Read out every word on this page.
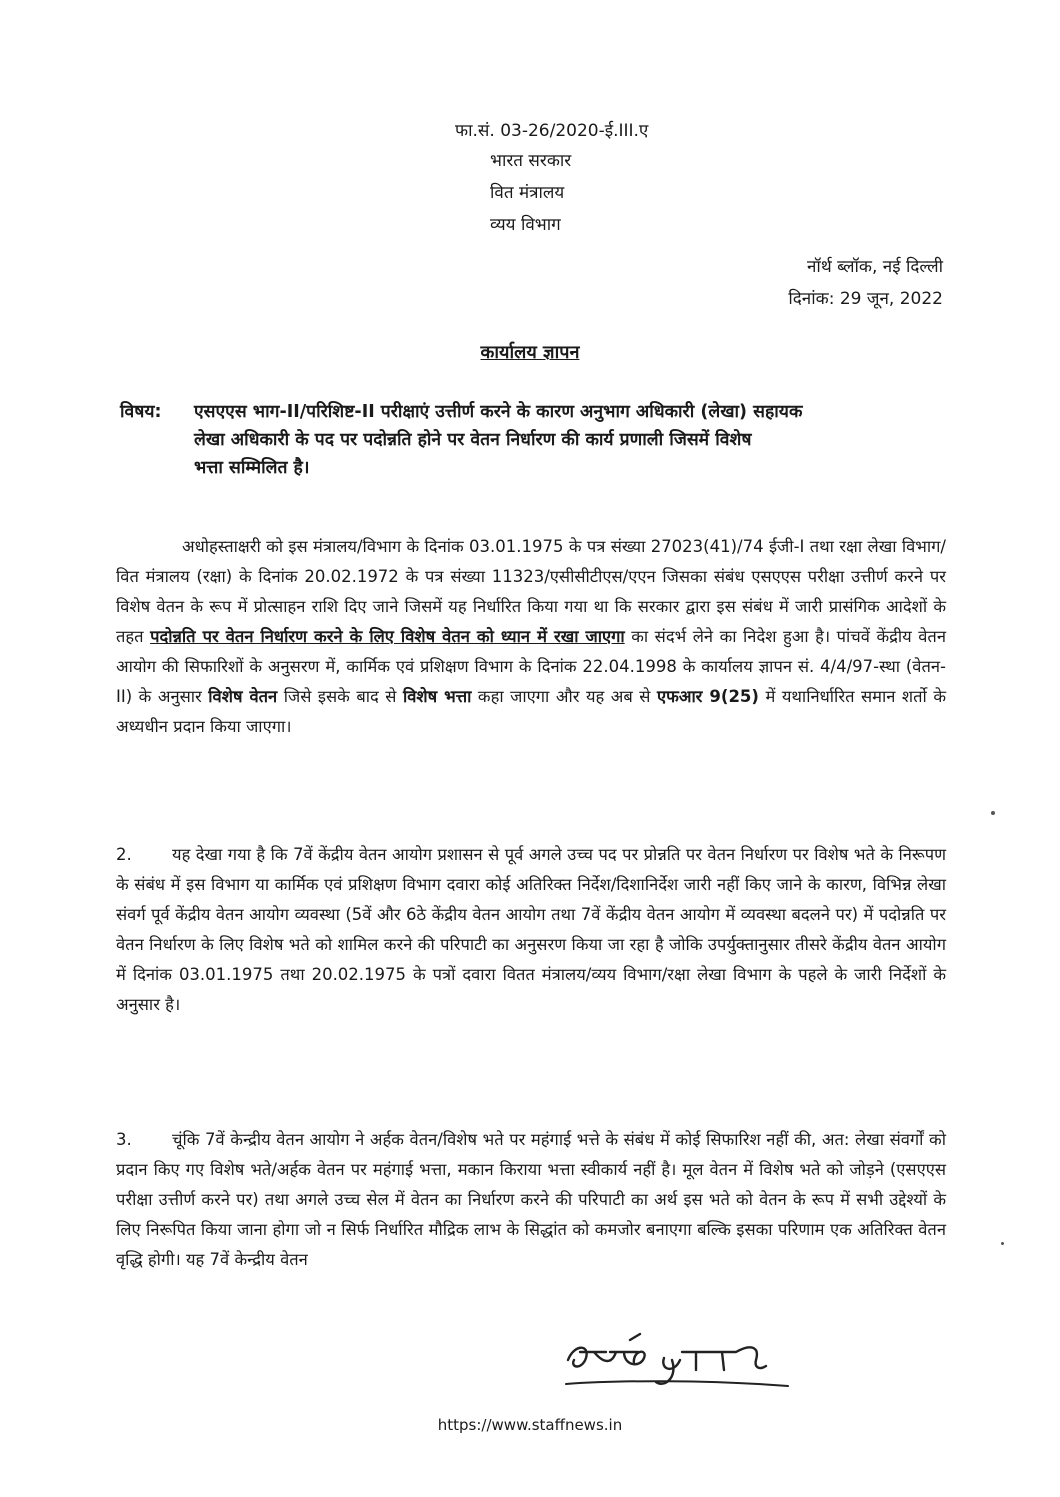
फा.सं. 03-26/2020-ई.III.ए
भारत सरकार
वित मंत्रालय
व्यय विभाग
नॉर्थ ब्लॉक, नई दिल्ली
दिनांक: 29 जून, 2022
कार्यालय ज्ञापन

विषय: एसएएस भाग-II/परिशिष्ट-II परीक्षाएं उत्तीर्ण करने के कारण अनुभाग अधिकारी (लेखा) सहायक
लेखा अधिकारी के पद पर पदोन्नति होने पर वेतन निर्धारण की कार्य प्रणाली जिसमें विशेष
भत्ता सम्मिलित है।

अधोहस्ताक्षरी को इस मंत्रालय/विभाग के दिनांक 03.01.1975 के पत्र संख्या 27023(41)/74 ईजी-I तथा रक्षा लेखा विभाग/वित मंत्रालय (रक्षा) के दिनांक 20.02.1972 के पत्र संख्या 11323/एसीसीटीएस/एएन जिसका संबंध एसएएस परीक्षा उत्तीर्ण करने पर विशेष वेतन के रूप में प्रोत्साहन राशि दिए जाने जिसमें यह निर्धारित किया गया था कि सरकार द्वारा इस संबंध में जारी प्रासंगिक आदेशों के तहत पदोन्नति पर वेतन निर्धारण करने के लिए विशेष वेतन को ध्यान में रखा जाएगा का संदर्भ लेने का निदेश हुआ है। पांचवें केंद्रीय वेतन आयोग की सिफारिशों के अनुसरण में, कार्मिक एवं प्रशिक्षण विभाग के दिनांक 22.04.1998 के कार्यालय ज्ञापन सं. 4/4/97-स्था (वेतन-II) के अनुसार विशेष वेतन जिसे इसके बाद से विशेष भत्ता कहा जाएगा और यह अब से एफआर 9(25) में यथानिर्धारित समान शर्तो के अध्यधीन प्रदान किया जाएगा।

2. यह देखा गया है कि 7वें केंद्रीय वेतन आयोग प्रशासन से पूर्व अगले उच्च पद पर प्रोन्नति पर वेतन निर्धारण पर विशेष भते के निरूपण के संबंध में इस विभाग या कार्मिक एवं प्रशिक्षण विभाग दवारा कोई अतिरिक्त निर्देश/दिशानिर्देश जारी नहीं किए जाने के कारण, विभिन्न लेखा संवर्ग पूर्व केंद्रीय वेतन आयोग व्यवस्था (5वें और 6ठे केंद्रीय वेतन आयोग तथा 7वें केंद्रीय वेतन आयोग में व्यवस्था बदलने पर) में पदोन्नति पर वेतन निर्धारण के लिए विशेष भते को शामिल करने की परिपाटी का अनुसरण किया जा रहा है जोकि उपर्युक्तानुसार तीसरे केंद्रीय वेतन आयोग में दिनांक 03.01.1975 तथा 20.02.1975 के पत्रों दवारा वितत मंत्रालय/व्यय विभाग/रक्षा लेखा विभाग के पहले के जारी निर्देशों के अनुसार है।

3. चूंकि 7वें केन्द्रीय वेतन आयोग ने अर्हक वेतन/विशेष भते पर महंगाई भत्ते के संबंध में कोई सिफारिश नहीं की, अत: लेखा संवर्गों को प्रदान किए गए विशेष भते/अर्हक वेतन पर महंगाई भत्ता, मकान किराया भत्ता स्वीकार्य नहीं है। मूल वेतन में विशेष भते को जोड़ने (एसएएस परीक्षा उत्तीर्ण करने पर) तथा अगले उच्च सेल में वेतन का निर्धारण करने की परिपाटी का अर्थ इस भते को वेतन के रूप में सभी उद्देश्यों के लिए निरूपित किया जाना होगा जो न सिर्फ निर्धारित मौद्रिक लाभ के सिद्धांत को कमजोर बनाएगा बल्कि इसका परिणाम एक अतिरिक्त वेतन वृद्धि होगी। यह 7वें केन्द्रीय वेतन

https://www.staffnews.in
